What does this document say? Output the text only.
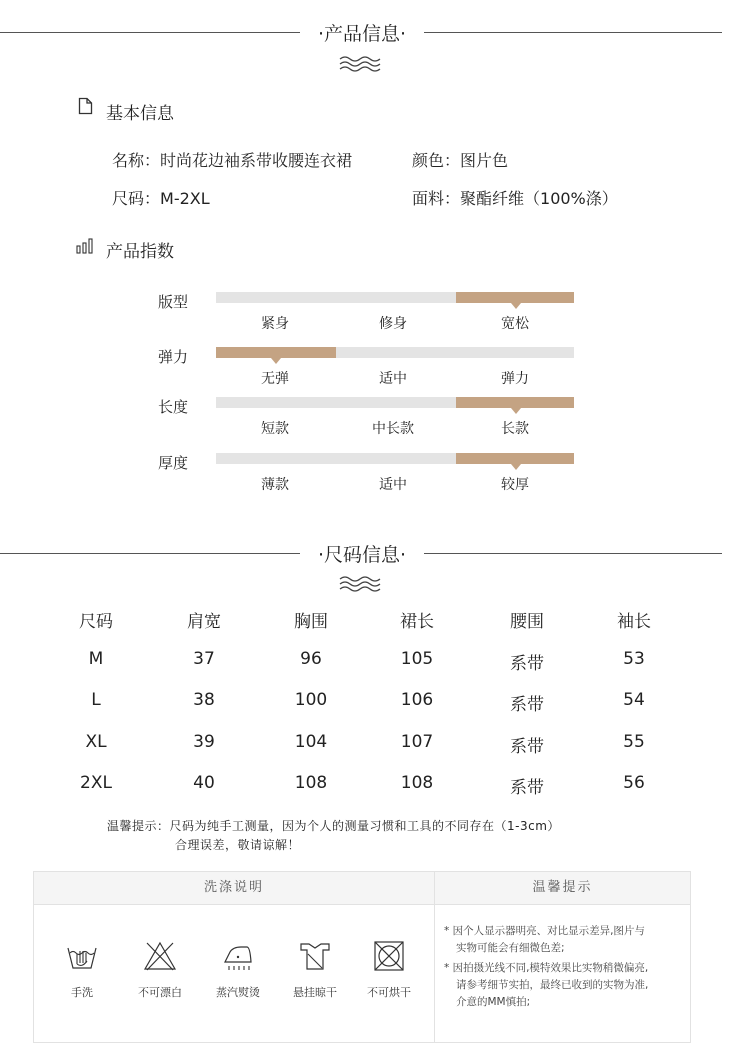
·产品信息·
基本信息
名称：时尚花边袖系带收腰连衣裙	颜色：图片色
尺码：M-2XL	面料：聚酯纤维（100%涤）
产品指数
版型
紧身	修身	宽松
弹力
无弹	适中	弹力
长度
短款	中长款	长款
厚度
薄款	适中	较厚
·尺码信息·
尺码	肩宽	胸围	裙长	腰围	袖长
M	37	96	105	系带	53
L	38	100	106	系带	54
XL	39	104	107	系带	55
2XL	40	108	108	系带	56
温馨提示：尺码为纯手工测量，因为个人的测量习惯和工具的不同存在（1-3cm）
合理误差，敬请谅解！
洗涤说明
手洗	不可漂白	蒸汽熨烫	悬挂晾干	不可烘干
温馨提示
* 因个人显示器明亮、对比显示差异,图片与
实物可能会有细微色差;
* 因拍摄光线不同,模特效果比实物稍微偏亮,
请参考细节实拍，最终已收到的实物为准,
介意的MM慎拍;
